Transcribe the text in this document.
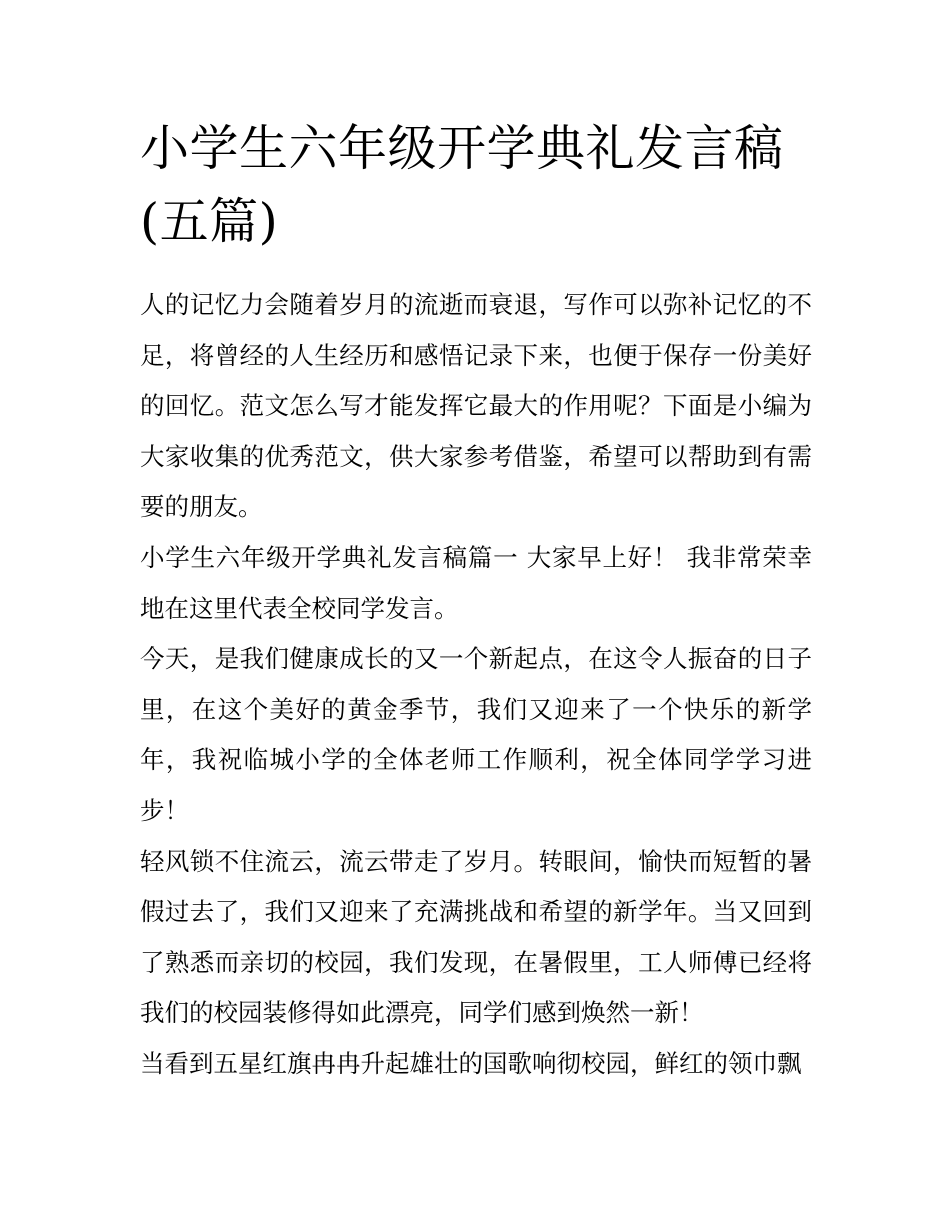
小学生六年级开学典礼发言稿(五篇)

人的记忆力会随着岁月的流逝而衰退，写作可以弥补记忆的不足，将曾经的人生经历和感悟记录下来，也便于保存一份美好的回忆。范文怎么写才能发挥它最大的作用呢？下面是小编为大家收集的优秀范文，供大家参考借鉴，希望可以帮助到有需要的朋友。

小学生六年级开学典礼发言稿篇一 大家早上好！ 我非常荣幸地在这里代表全校同学发言。

今天，是我们健康成长的又一个新起点，在这令人振奋的日子里，在这个美好的黄金季节，我们又迎来了一个快乐的新学年，我祝临城小学的全体老师工作顺利，祝全体同学学习进步！

轻风锁不住流云，流云带走了岁月。转眼间，愉快而短暂的暑假过去了，我们又迎来了充满挑战和希望的新学年。当又回到了熟悉而亲切的校园，我们发现，在暑假里，工人师傅已经将我们的校园装修得如此漂亮，同学们感到焕然一新！

当看到五星红旗冉冉升起雄壮的国歌响彻校园，鲜红的领巾飘
